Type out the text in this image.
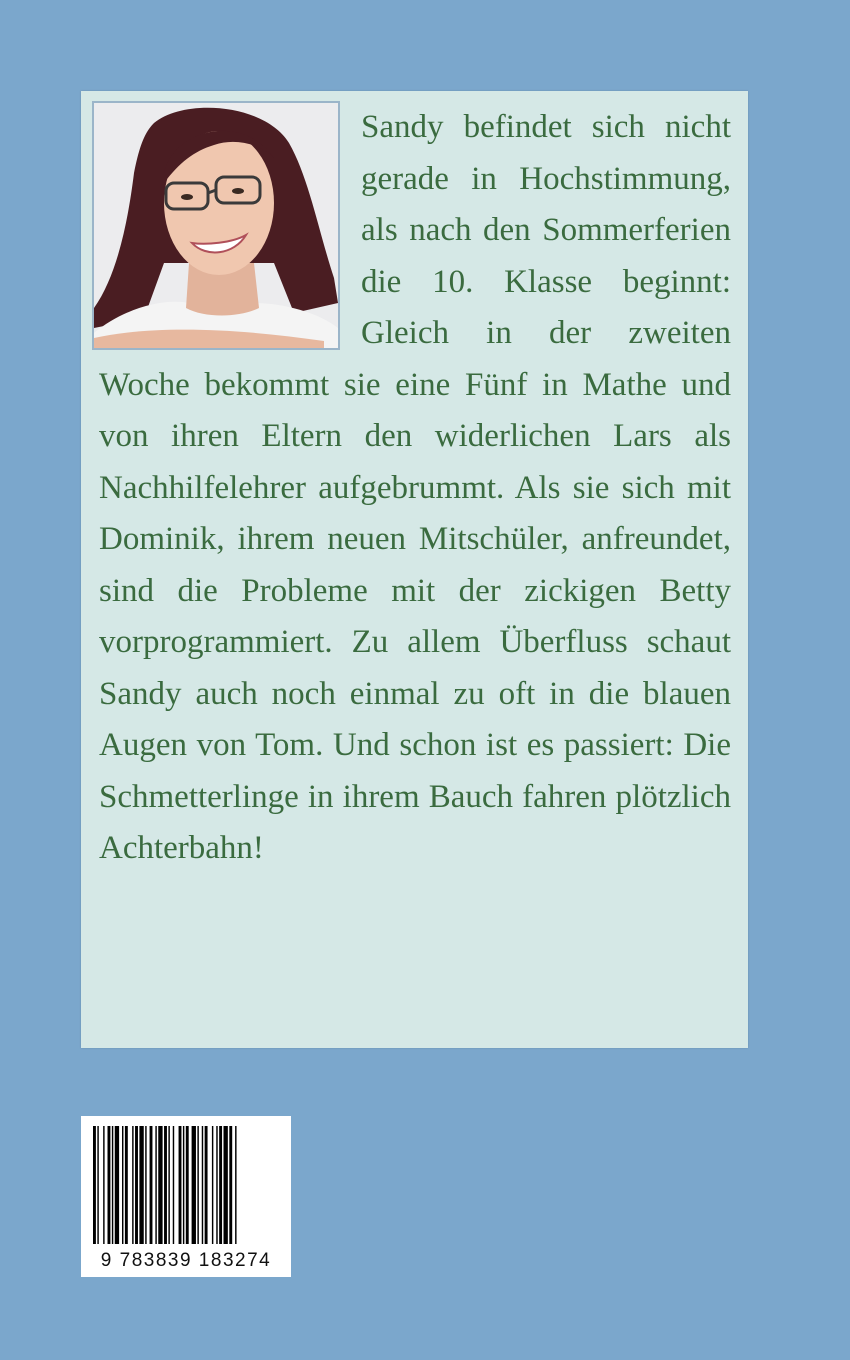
Sandy befindet sich nicht gerade in Hochstimmung, als nach den Sommerferien die 10. Klasse beginnt: Gleich in der zweiten Woche bekommt sie eine Fünf in Mathe und von ihren Eltern den widerlichen Lars als Nachhilfelehrer aufgebrummt. Als sie sich mit Dominik, ihrem neuen Mitschüler, anfreundet, sind die Probleme mit der zickigen Betty vorprogrammiert. Zu allem Überfluss schaut Sandy auch noch einmal zu oft in die blauen Augen von Tom. Und schon ist es passiert: Die Schmetterlinge in ihrem Bauch fahren plötzlich Achterbahn!

9 783839 183274
